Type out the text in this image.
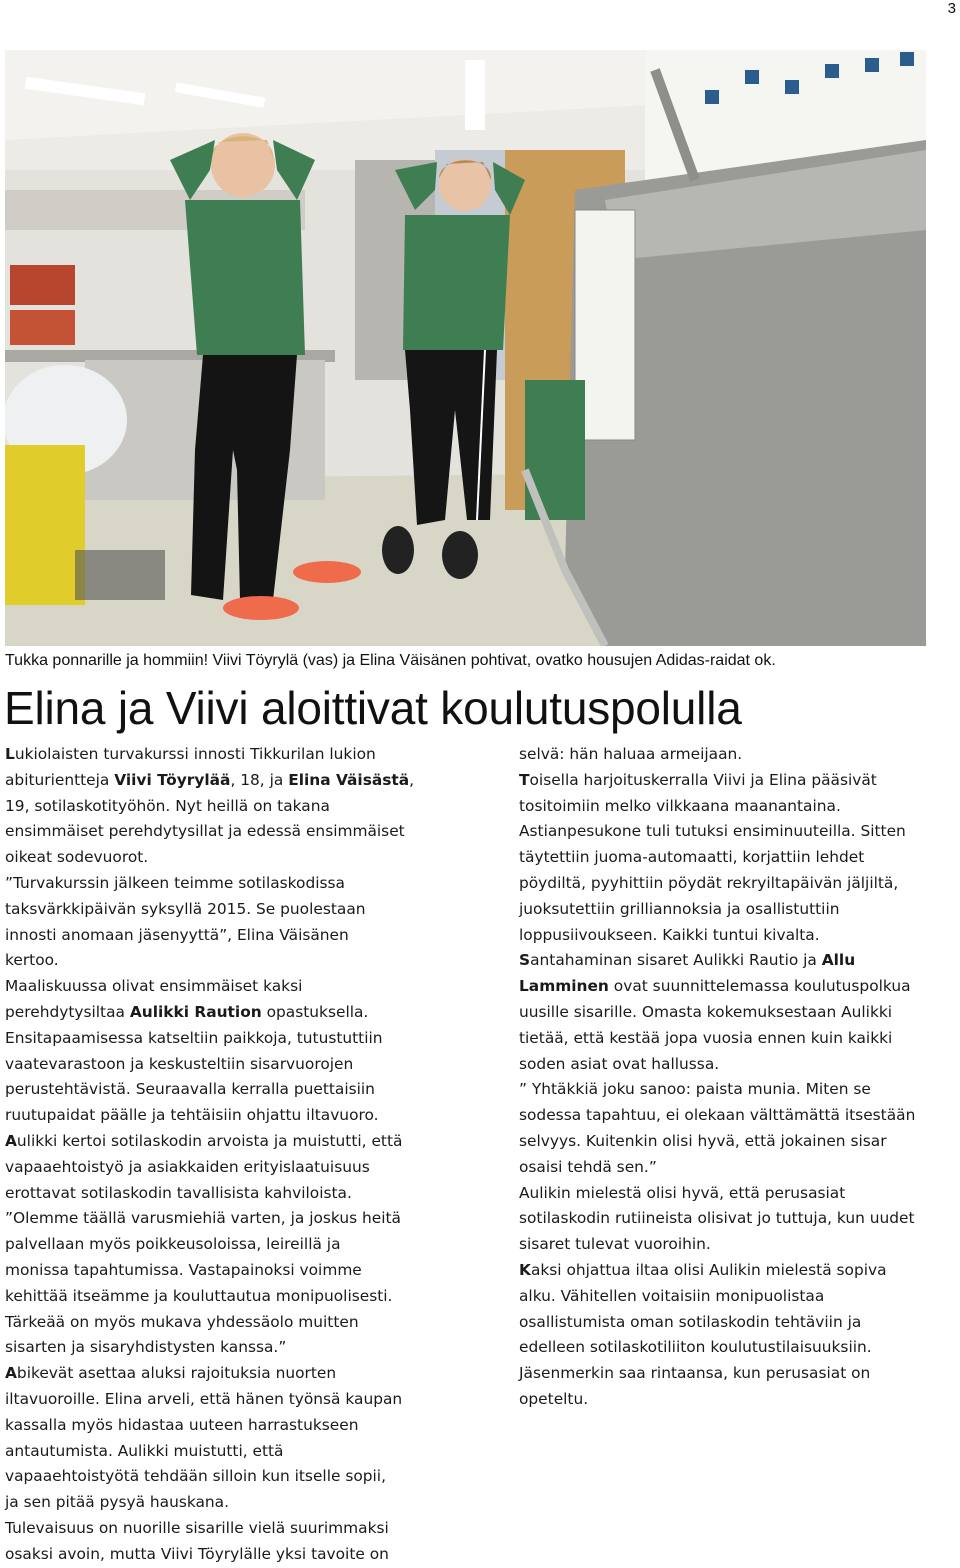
3
Tukka ponnarille ja hommiin! Viivi Töyrylä (vas) ja Elina Väisänen pohtivat, ovatko housujen Adidas-raidat ok.
Elina ja Viivi aloittivat koulutuspolulla

Lukiolaisten turvakurssi innosti Tikkurilan lukion

abiturientteja Viivi Töyrylää, 18, ja Elina Väisästä,

19, sotilaskotityöhön. Nyt heillä on takana

ensimmäiset perehdytysillat ja edessä ensimmäiset

oikeat sodevuorot.

”Turvakurssin jälkeen teimme sotilaskodissa

taksvärkkipäivän syksyllä 2015. Se puolestaan

innosti anomaan jäsenyyttä”, Elina Väisänen

kertoo.

Maaliskuussa olivat ensimmäiset kaksi

perehdytysiltaa Aulikki Raution opastuksella.

Ensitapaamisessa katseltiin paikkoja, tutustuttiin

vaatevarastoon ja keskusteltiin sisarvuorojen

perustehtävistä. Seuraavalla kerralla puettaisiin

ruutupaidat päälle ja tehtäisiin ohjattu iltavuoro.

Aulikki kertoi sotilaskodin arvoista ja muistutti, että

vapaaehtoistyö ja asiakkaiden erityislaatuisuus

erottavat sotilaskodin tavallisista kahviloista.

”Olemme täällä varusmiehiä varten, ja joskus heitä

palvellaan myös poikkeusoloissa, leireillä ja

monissa tapahtumissa. Vastapainoksi voimme

kehittää itseämme ja kouluttautua monipuolisesti.

Tärkeää on myös mukava yhdessäolo muitten

sisarten ja sisaryhdistysten kanssa.”

Abikevät asettaa aluksi rajoituksia nuorten

iltavuoroille. Elina arveli, että hänen työnsä kaupan

kassalla myös hidastaa uuteen harrastukseen

antautumista. Aulikki muistutti, että

vapaaehtoistyötä tehdään silloin kun itselle sopii,

ja sen pitää pysyä hauskana.

Tulevaisuus on nuorille sisarille vielä suurimmaksi

osaksi avoin, mutta Viivi Töyrylälle yksi tavoite on

selvä: hän haluaa armeijaan.

Toisella harjoituskerralla Viivi ja Elina pääsivät

tositoimiin melko vilkkaana maanantaina.

Astianpesukone tuli tutuksi ensiminuuteilla. Sitten

täytettiin juoma-automaatti, korjattiin lehdet

pöydiltä, pyyhittiin pöydät rekryiltapäivän jäljiltä,

juoksutettiin grilliannoksia ja osallistuttiin

loppusiivoukseen. Kaikki tuntui kivalta.

Santahaminan sisaret Aulikki Rautio ja Allu

Lamminen ovat suunnittelemassa koulutuspolkua

uusille sisarille. Omasta kokemuksestaan Aulikki

tietää, että kestää jopa vuosia ennen kuin kaikki

soden asiat ovat hallussa.

” Yhtäkkiä joku sanoo: paista munia. Miten se

sodessa tapahtuu, ei olekaan välttämättä itsestään

selvyys. Kuitenkin olisi hyvä, että jokainen sisar

osaisi tehdä sen.”

Aulikin mielestä olisi hyvä, että perusasiat

sotilaskodin rutiineista olisivat jo tuttuja, kun uudet

sisaret tulevat vuoroihin.

Kaksi ohjattua iltaa olisi Aulikin mielestä sopiva

alku. Vähitellen voitaisiin monipuolistaa

osallistumista oman sotilaskodin tehtäviin ja

edelleen sotilaskotiliiton koulutustilaisuuksiin.

Jäsenmerkin saa rintaansa, kun perusasiat on

opeteltu.
